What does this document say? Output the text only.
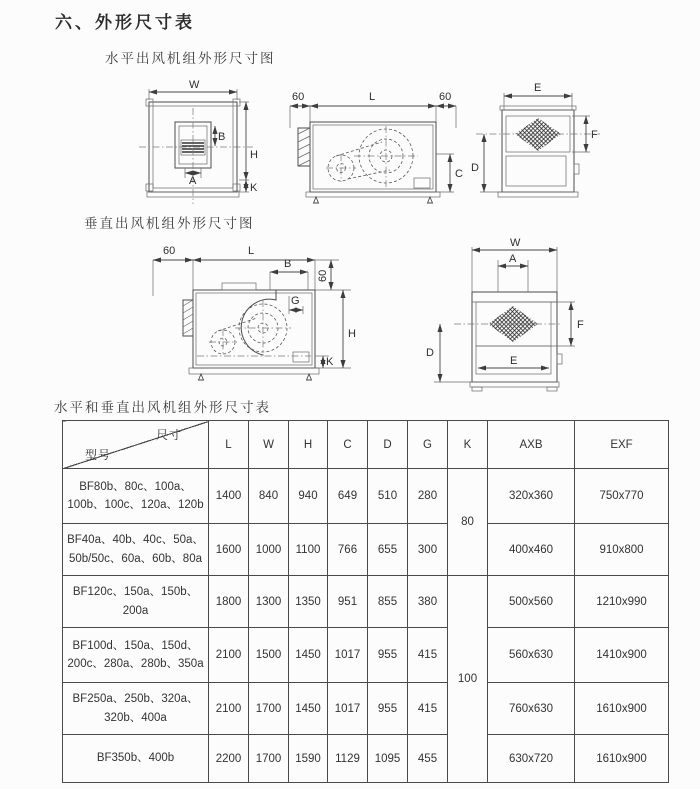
六、外形尺寸表
水平出风机组外形尺寸图
垂直出风机组外形尺寸图
水平和垂直出风机组外形尺寸表
W
B
A
H
K
60	L	60
C
E
F
D
60	L
B
60
G
H
K
W
A
F
D
E
尺寸
型号	L	W	H	C	D	G	K	AXB	EXF
BF80b、80c、100a、100b、100c、120a、120b	1400	840	940	649	510	280	80	320x360	750x770
BF40a、40b、40c、50a、50b/50c、60a、60b、80a	1600	1000	1100	766	655	300		400x460	910x800
BF120c、150a、150b、200a	1800	1300	1350	951	855	380	100	500x560	1210x990
BF100d、150a、150d、200c、280a、280b、350a	2100	1500	1450	1017	955	415		560x630	1410x900
BF250a、250b、320a、320b、400a	2100	1700	1450	1017	955	415		760x630	1610x900
BF350b、400b	2200	1700	1590	1129	1095	455		630x720	1610x900
